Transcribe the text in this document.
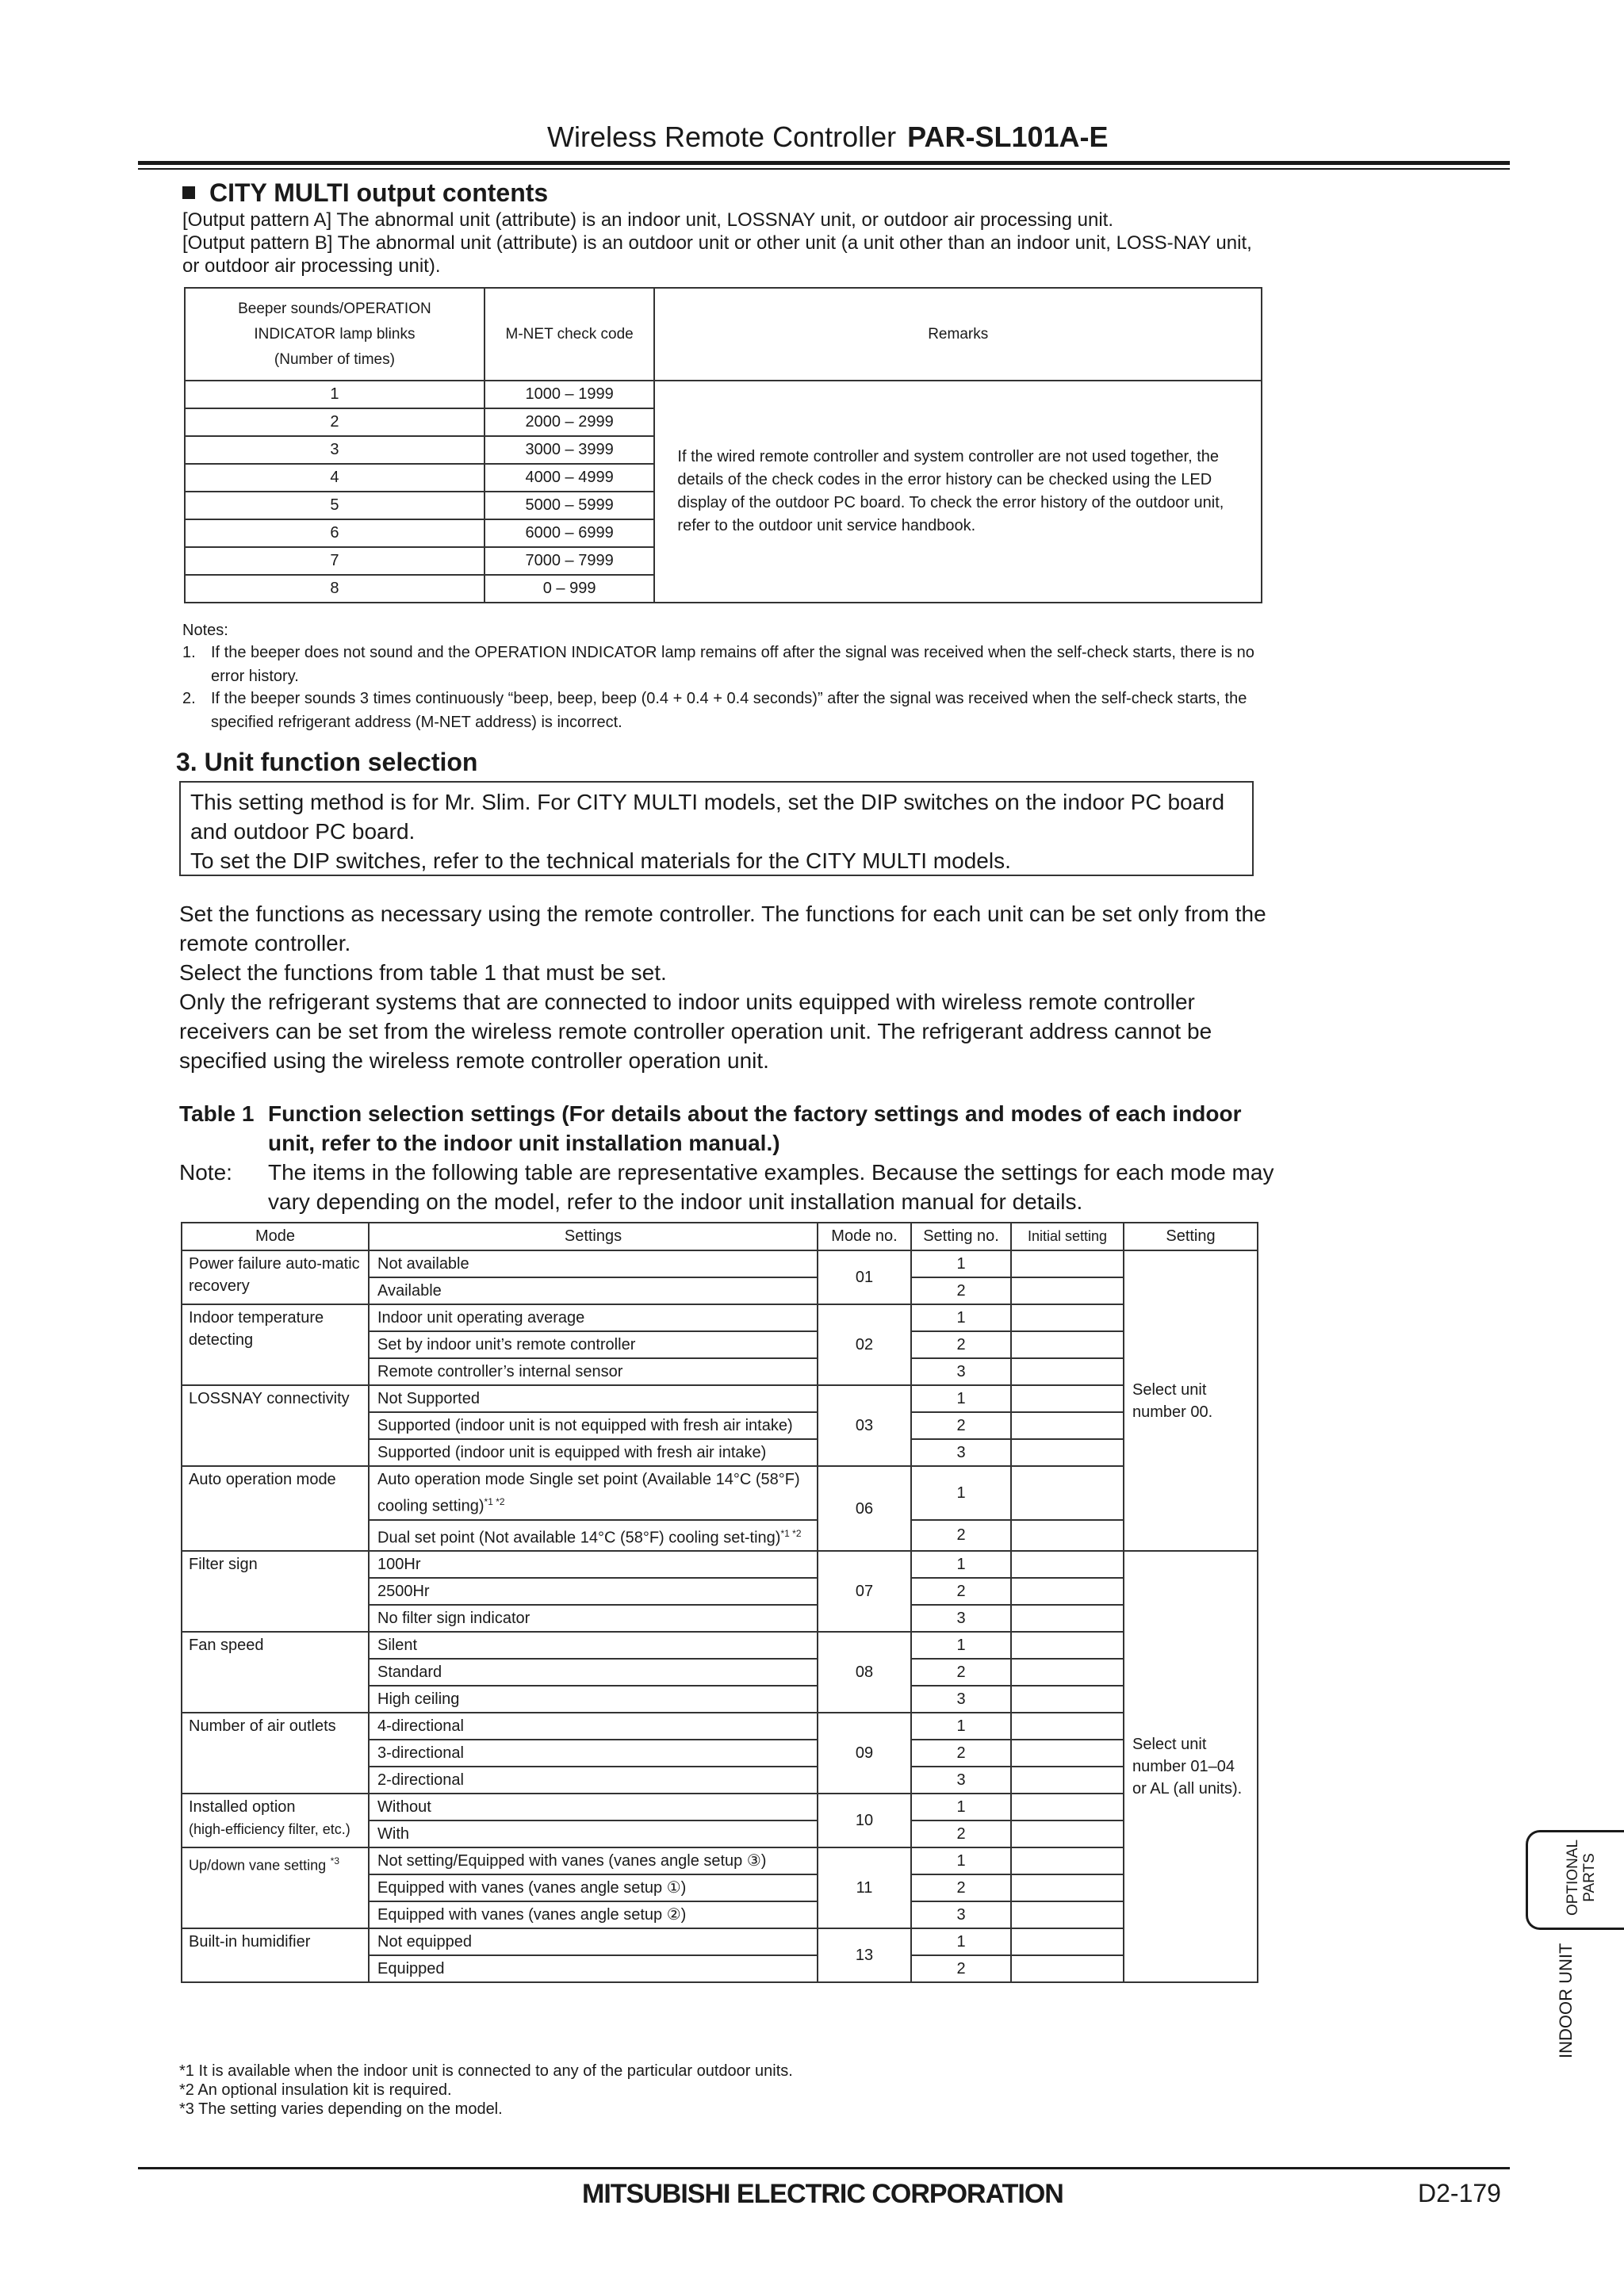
Wireless Remote Controller PAR-SL101A-E
CITY MULTI output contents
[Output pattern A] The abnormal unit (attribute) is an indoor unit, LOSSNAY unit, or outdoor air processing unit.
[Output pattern B] The abnormal unit (attribute) is an outdoor unit or other unit (a unit other than an indoor unit, LOSS-NAY unit, or outdoor air processing unit).
Beeper sounds/OPERATION INDICATOR lamp blinks (Number of times)	M-NET check code	Remarks
1	1000 – 1999	If the wired remote controller and system controller are not used together, the details of the check codes in the error history can be checked using the LED display of the outdoor PC board. To check the error history of the outdoor unit, refer to the outdoor unit service handbook.
2	2000 – 2999	
3	3000 – 3999	
4	4000 – 4999	
5	5000 – 5999	
6	6000 – 6999	
7	7000 – 7999	
8	0 – 999	
Notes:
1. If the beeper does not sound and the OPERATION INDICATOR lamp remains off after the signal was received when the self-check starts, there is no error history.
2. If the beeper sounds 3 times continuously “beep, beep, beep (0.4 + 0.4 + 0.4 seconds)” after the signal was received when the self-check starts, the specified refrigerant address (M-NET address) is incorrect.
3. Unit function selection
This setting method is for Mr. Slim. For CITY MULTI models, set the DIP switches on the indoor PC board and outdoor PC board.
To set the DIP switches, refer to the technical materials for the CITY MULTI models.
Set the functions as necessary using the remote controller. The functions for each unit can be set only from the remote controller.
Select the functions from table 1 that must be set.
Only the refrigerant systems that are connected to indoor units equipped with wireless remote controller receivers can be set from the wireless remote controller operation unit. The refrigerant address cannot be specified using the wireless remote controller operation unit.
Table 1 Function selection settings (For details about the factory settings and modes of each indoor unit, refer to the indoor unit installation manual.)
Note: The items in the following table are representative examples. Because the settings for each mode may vary depending on the model, refer to the indoor unit installation manual for details.
Mode	Settings	Mode no.	Setting no.	Initial setting	Setting
Power failure auto-matic recovery	Not available	01	1		Select unit number 00.
	Available		2		
Indoor temperature detecting	Indoor unit operating average	02	1		
	Set by indoor unit’s remote controller		2		
	Remote controller’s internal sensor		3		
LOSSNAY connectivity	Not Supported	03	1		
	Supported (indoor unit is not equipped with fresh air intake)		2		
	Supported (indoor unit is equipped with fresh air intake)		3		
Auto operation mode	Auto operation mode Single set point (Available 14°C (58°F) cooling setting)$^{*1 *2}$	06	1		
	Dual set point (Not available 14°C (58°F) cooling set-ting)$^{*1 *2}$		2		
Filter sign	100Hr	07	1		Select unit number 01–04 or AL (all units).
	2500Hr		2		
	No filter sign indicator		3		
Fan speed	Silent	08	1		
	Standard		2		
	High ceiling		3		
Number of air outlets	4-directional	09	1		
	3-directional		2		
	2-directional		3		

Installed option
(high-efficiency filter, etc.)	Without	10	1		
	With		2		
Up/down vane setting $^{*3}$	Not setting/Equipped with vanes (vanes angle setup ③)	11	1		
	Equipped with vanes (vanes angle setup ①)		2		
	Equipped with vanes (vanes angle setup ②)		3		
Built-in humidifier	Not equipped	13	1		
	Equipped		2		
*1 It is available when the indoor unit is connected to any of the particular outdoor units.
*2 An optional insulation kit is required.
*3 The setting varies depending on the model.
OPTIONAL PARTS
INDOOR UNIT
MITSUBISHI ELECTRIC CORPORATION	D2-179
